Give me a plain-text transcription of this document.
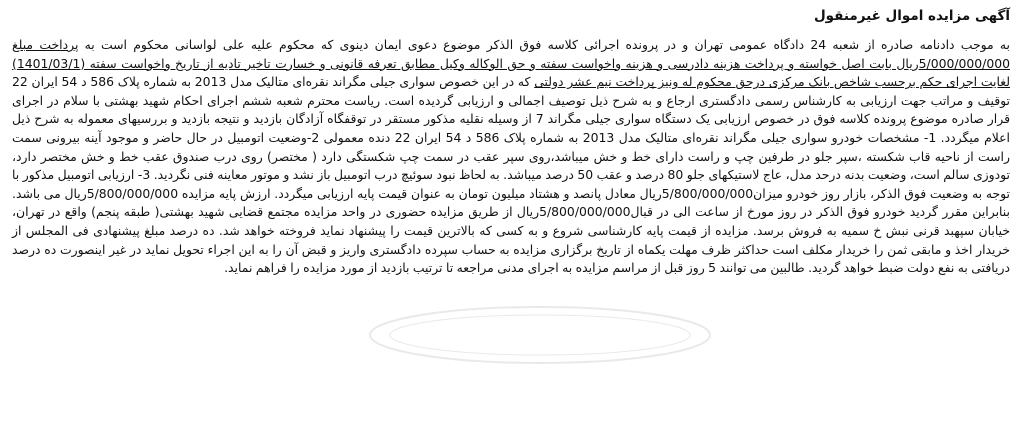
آگهی مزایده اموال غیرمنقول
به موجب دادنامه صادره از شعبه 24 دادگاه عمومی تهران و در پرونده اجرائی کلاسه فوق الذکر موضوع دعوی ایمان دینوی که محکوم علیه علی لواسانی محکوم است به پرداخت مبلغ 5/000/000/000ریال بابت اصل خواسته و پرداخت هزینه دادرسی و هزینه واخواست سفته و حق الوکاله وکیل مطابق تعرفه قانونی و خسارت تاخیر تادیه از تاریخ واخواست سفته (1401/03/1) لغایت اجرای حکم برحسب شاخص بانک مرکزی درحق محکوم له ونیز پرداخت نیم عشر دولتی که در این خصوص سواری جیلی مگراند نقره‌ای متالیک مدل 2013 به شماره پلاک 586 د 54 ایران 22 توقیف و مراتب جهت ارزیابی به کارشناس رسمی دادگستری ارجاع و به شرح ذیل توصیف اجمالی و ارزیابی گردیده است. ریاست محترم شعبه ششم اجرای احکام شهید بهشتی با سلام در اجرای قرار صادره موضوع پرونده کلاسه فوق در خصوص ارزیابی یک دستگاه سواری جیلی مگراند 7 از وسیله نقلیه مذکور مستقر در توقفگاه آزادگان بازدید و نتیجه بازدید و بررسیهای معموله به شرح ذیل اعلام میگردد. 1- مشخصات خودرو سواری جیلی مگراند نقره‌ای متالیک مدل 2013 به شماره پلاک 586 د 54 ایران 22 دنده معمولی 2-وضعیت اتومبیل در حال حاضر و موجود آینه بیرونی سمت راست از ناحیه قاب شکسته ،سپر جلو در طرفین چپ و راست دارای خط و خش میباشد،روی سپر عقب در سمت چپ شکستگی دارد ( مختصر) روی درب صندوق عقب خط و خش مختصر دارد، تودوزی سالم است، وضعیت بدنه درحد مدل، عاج لاستیکهای جلو 80 درصد و عقب 50 درصد میباشد. به لحاظ نبود سوئیچ درب اتومبیل باز نشد و موتور معاینه فنی نگردید. 3- ارزیابی اتومبیل مذکور با توجه به وضعیت فوق الذکر، بازار روز خودرو میزان5/800/000/000ریال معادل پانصد و هشتاد میلیون تومان به عنوان قیمت پایه ارزیابی میگردد. ارزش پایه مزایده 5/800/000/000ریال می باشد. بنابراین مقرر گردید خودرو فوق الذکر در روز مورخ از ساعت الی در قبال5/800/000/000ریال از طریق مزایده حضوری در واحد مزایده مجتمع قضایی شهید بهشتی( طبقه پنجم) واقع در تهران، خیابان سپهبد قرنی نبش خ سمیه به فروش برسد. مزایده از قیمت پایه کارشناسی شروع و به کسی که بالاترین قیمت را پیشنهاد نماید فروخته خواهد شد. ده درصد مبلغ پیشنهادی فی المجلس از خریدار اخذ و مابقی ثمن را خریدار مکلف است حداکثر ظرف مهلت یکماه از تاریخ برگزاری مزایده به حساب سپرده دادگستری واریز و قبض آن را به این اجراء تحویل نماید در غیر اینصورت ده درصد دریافتی به نفع دولت ضبط خواهد گردید. طالبین می توانند 5 روز قبل از مراسم مزایده به اجرای مدنی مراجعه تا ترتیب بازدید از مورد مزایده را فراهم نماید.
